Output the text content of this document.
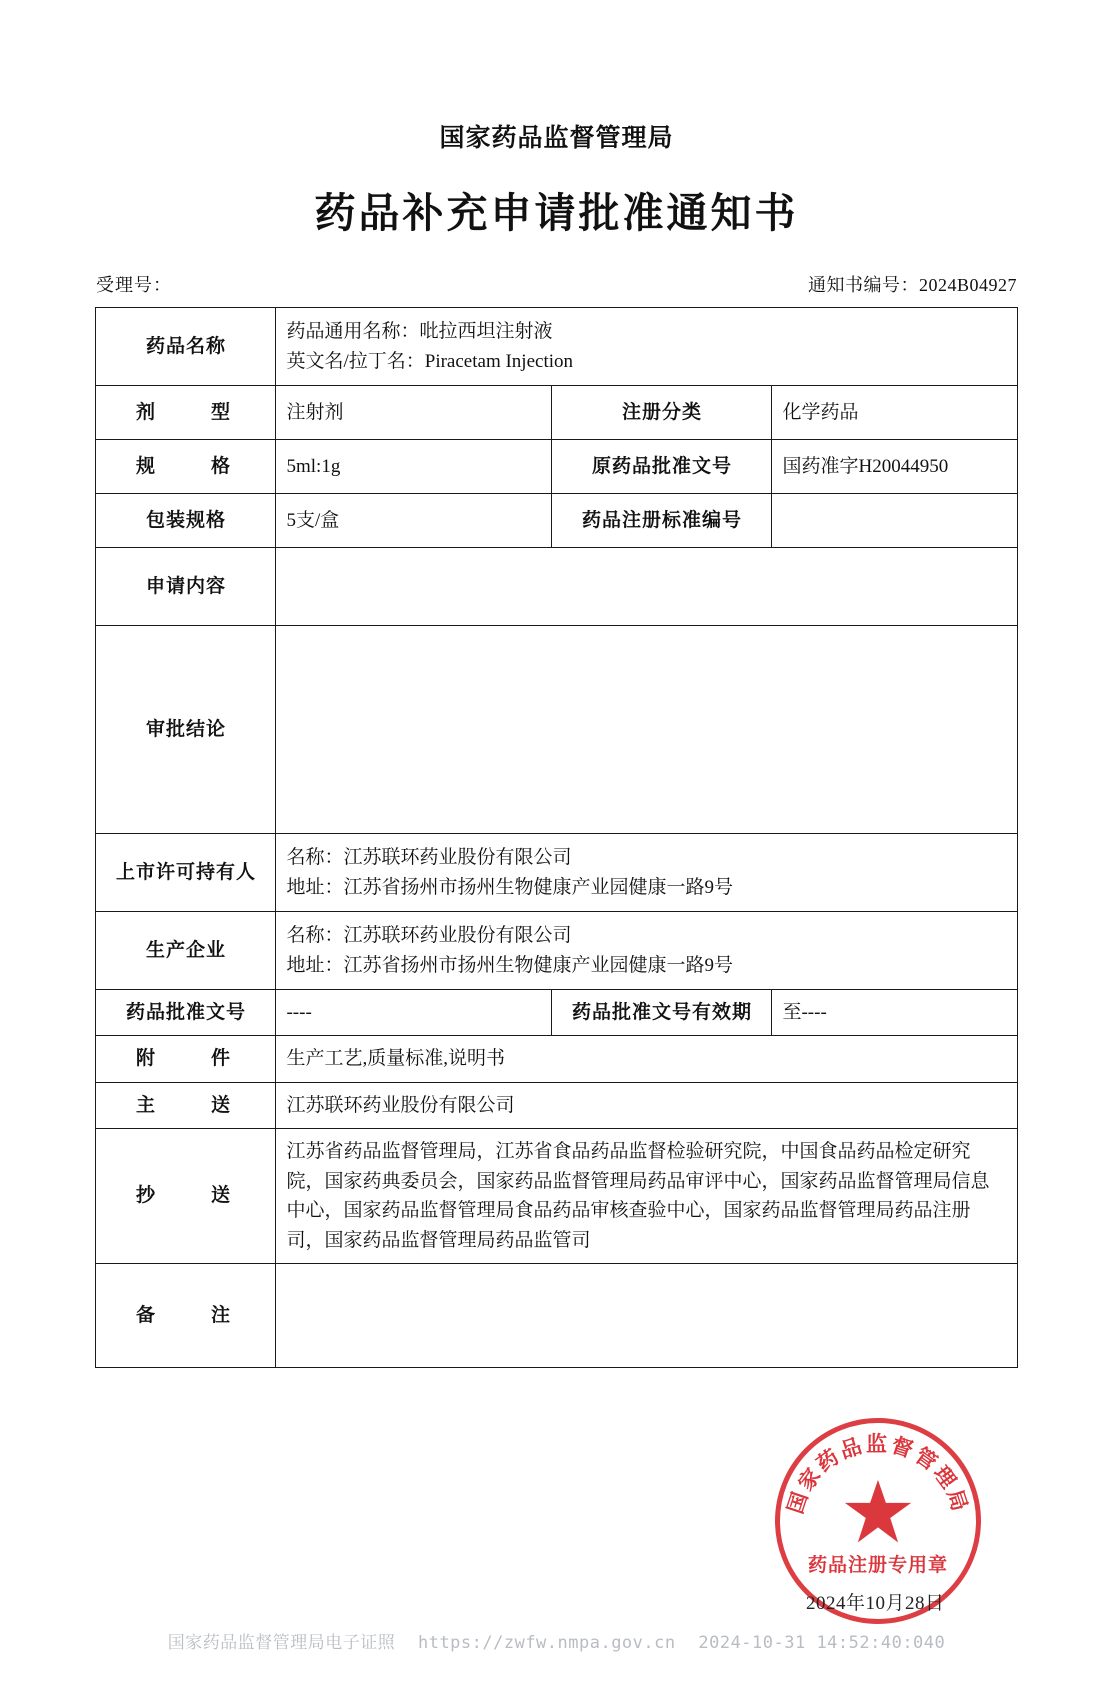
国家药品监督管理局
药品补充申请批准通知书
受理号：	通知书编号：2024B04927
药品名称	药品通用名称：吡拉西坦注射液
英文名/拉丁名：Piracetam Injection		

剂　　型	注射剂	注册分类	化学药品
规　　格	5ml:1g	原药品批准文号	国药准字H20044950
包装规格	5支/盒	药品注册标准编号	
申请内容			
审批结论			
上市许可持有人	名称：江苏联环药业股份有限公司
地址：江苏省扬州市扬州生物健康产业园健康一路9号		

生产企业	名称：江苏联环药业股份有限公司
地址：江苏省扬州市扬州生物健康产业园健康一路9号		

药品批准文号	----	药品批准文号有效期	至----
附　　件	生产工艺,质量标准,说明书		
主　　送	江苏联环药业股份有限公司		
抄　　送	江苏省药品监督管理局，江苏省食品药品监督检验研究院，中国食品药品检定研究院，国家药典委员会，国家药品监督管理局药品审评中心，国家药品监督管理局信息中心，国家药品监督管理局食品药品审核查验中心，国家药品监督管理局药品注册司，国家药品监督管理局药品监管司		
备　　注			
国家药品监督管理局
药品注册专用章
2024年10月28日
国家药品监督管理局电子证照 https://zwfw.nmpa.gov.cn 2024-10-31 14:52:40:040
